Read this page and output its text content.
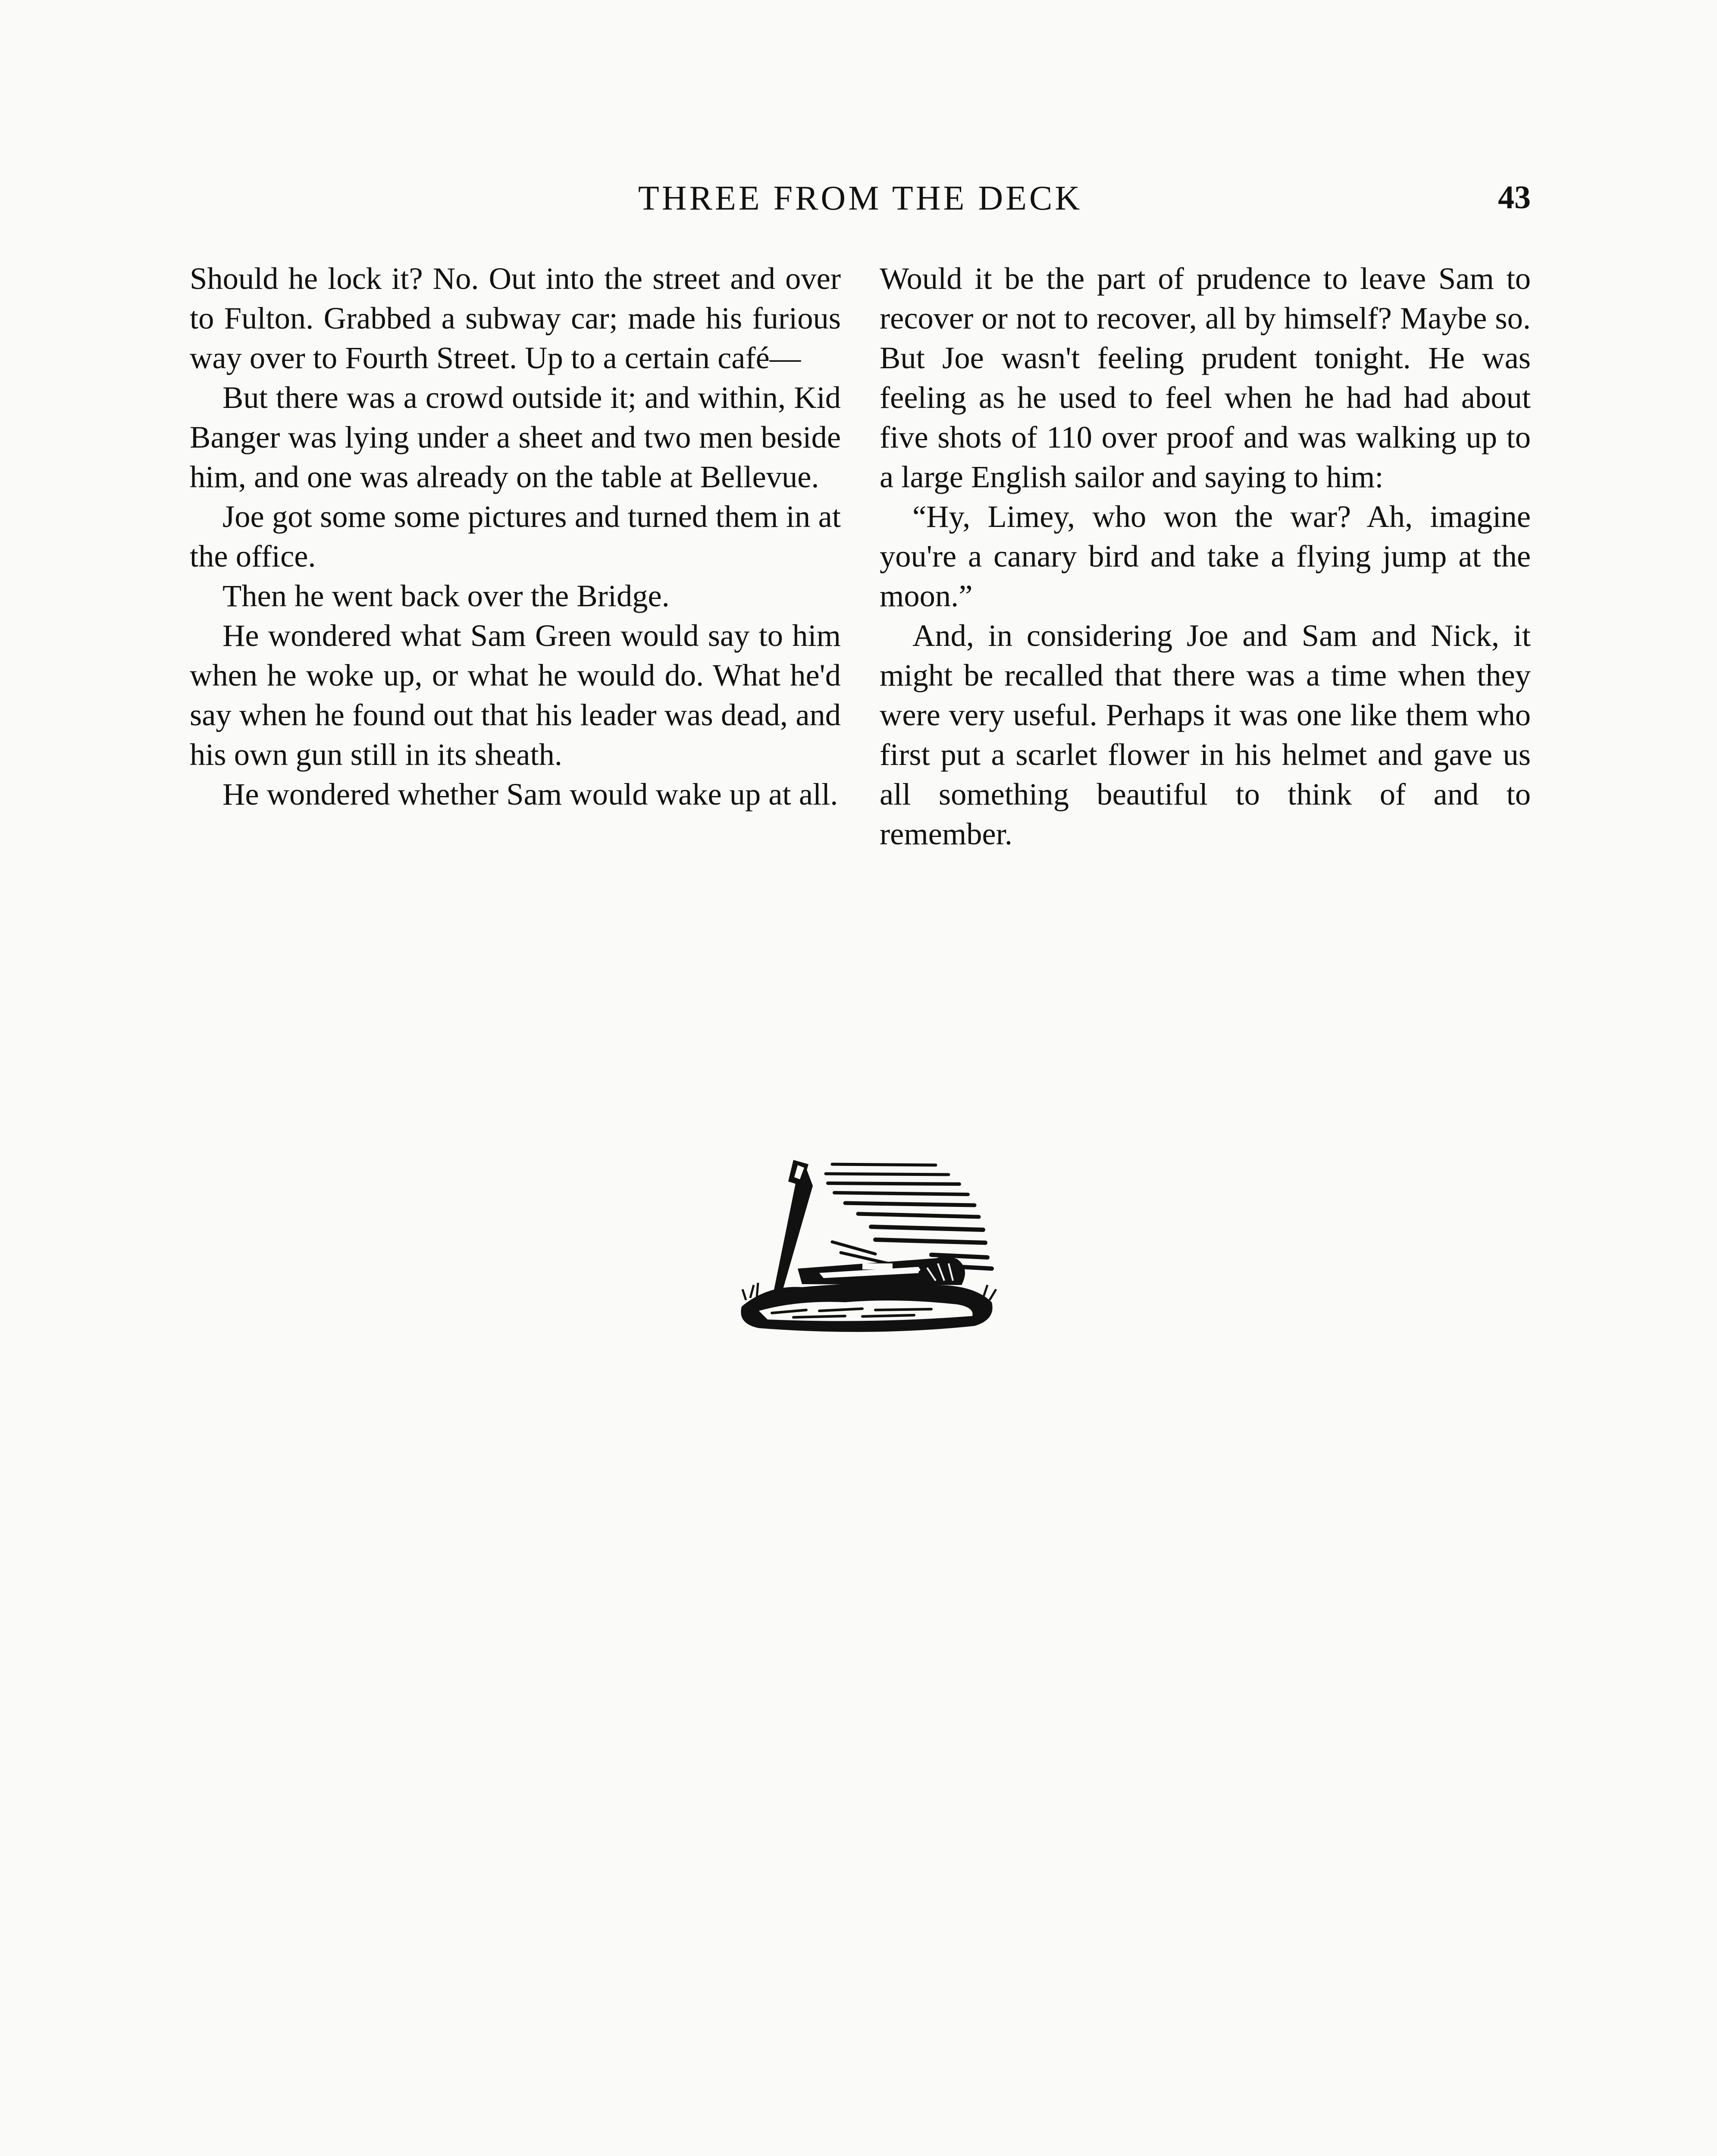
THREE FROM THE DECK	43

Should he lock it? No. Out into the street and over to Fulton. Grabbed a subway car; made his furious way over to Fourth Street. Up to a certain café—

But there was a crowd outside it; and within, Kid Banger was lying under a sheet and two men beside him, and one was already on the table at Bellevue.

Joe got some some pictures and turned them in at the office.

Then he went back over the Bridge.

He wondered what Sam Green would say to him when he woke up, or what he would do. What he'd say when he found out that his leader was dead, and his own gun still in its sheath.

He wondered whether Sam would wake up at all.

Would it be the part of prudence to leave Sam to recover or not to recover, all by himself? Maybe so. But Joe wasn't feeling prudent tonight. He was feeling as he used to feel when he had had about five shots of 110 over proof and was walking up to a large English sailor and saying to him:

“Hy, Limey, who won the war? Ah, imagine you're a canary bird and take a flying jump at the moon.”

And, in considering Joe and Sam and Nick, it might be recalled that there was a time when they were very useful. Perhaps it was one like them who first put a scarlet flower in his helmet and gave us all something beautiful to think of and to remember.
